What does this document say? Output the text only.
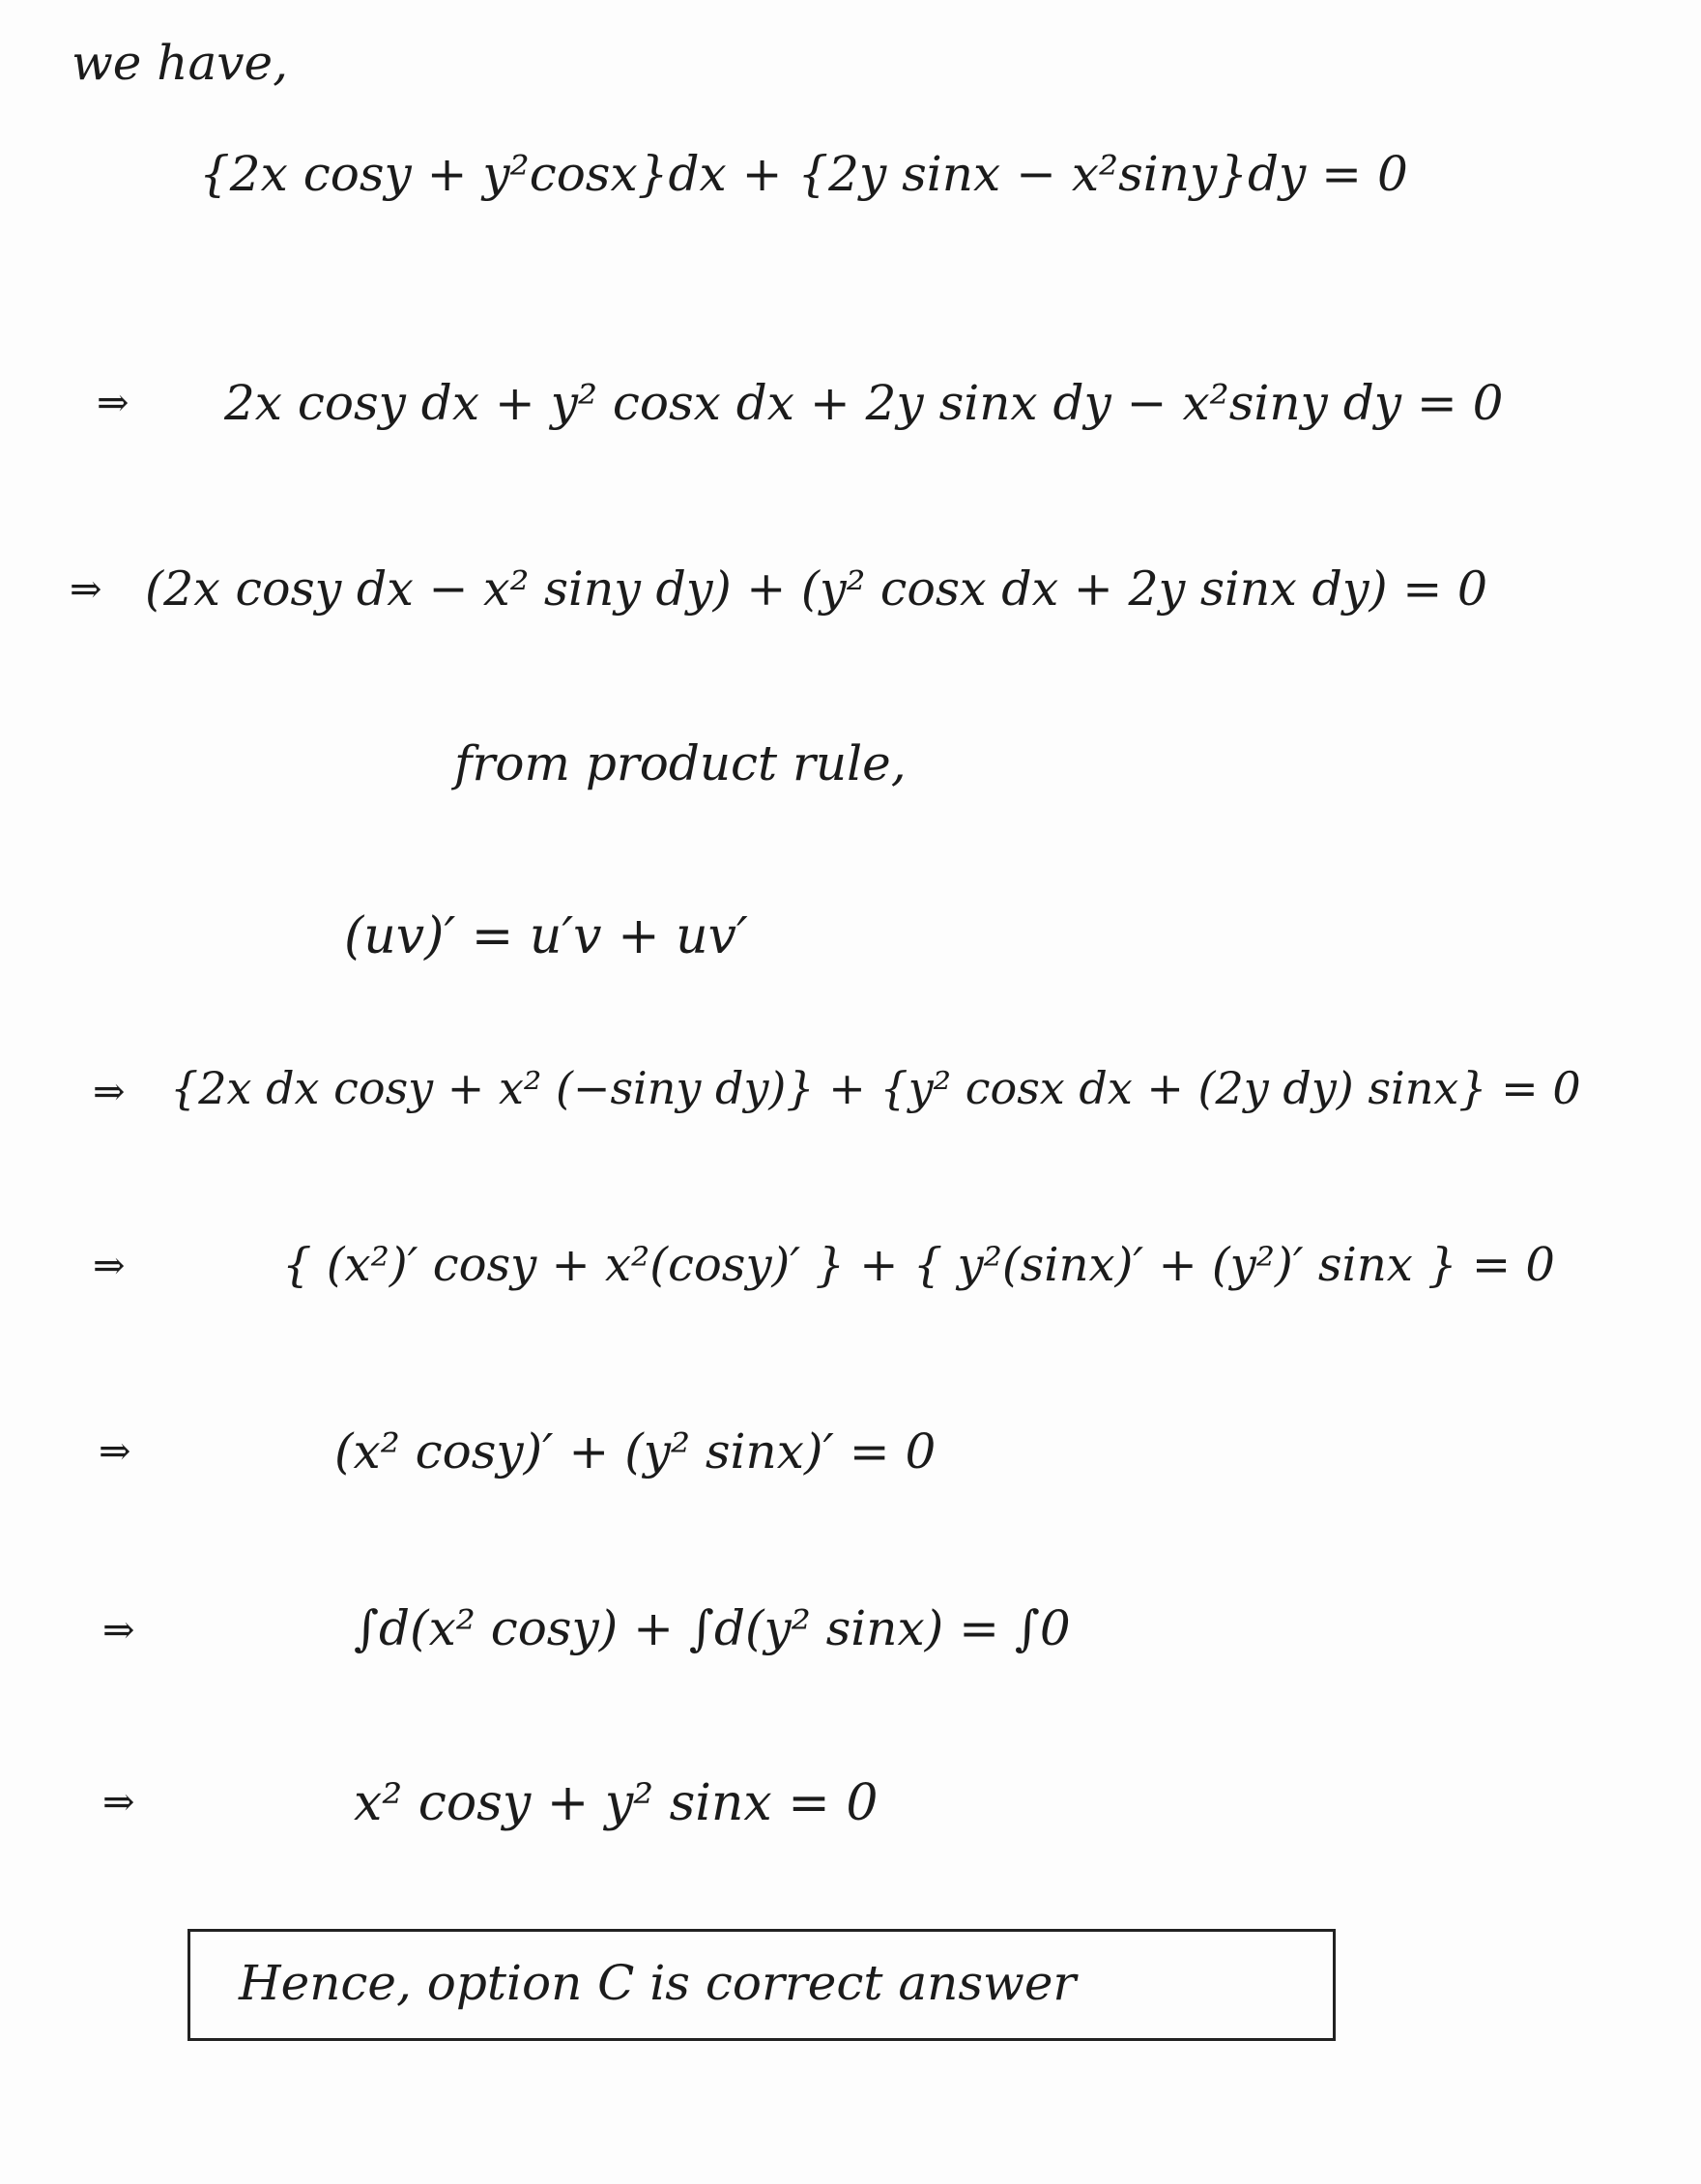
we have,
{2x cosy + y²cosx}dx + {2y sinx − x²siny}dy = 0
⇒ 2x cosy dx + y² cosx dx + 2y sinx dy − x²siny dy = 0
⇒ (2x cosy dx − x² siny dy) + (y² cosx dx + 2y sinx dy) = 0
from product rule,
(uv)′ = u′v + uv′
⇒ {2x dx cosy + x² (−siny dy)} + {y² cosx dx + (2y dy) sinx} = 0
⇒	{ (x²)′ cosy + x²(cosy)′ } + { y²(sinx)′ + (y²)′ sinx } = 0
⇒	(x² cosy)′ + (y² sinx)′ = 0
⇒	∫d(x² cosy) + ∫d(y² sinx) = ∫0
⇒	x² cosy + y² sinx = 0
Hence, option C is correct answer
